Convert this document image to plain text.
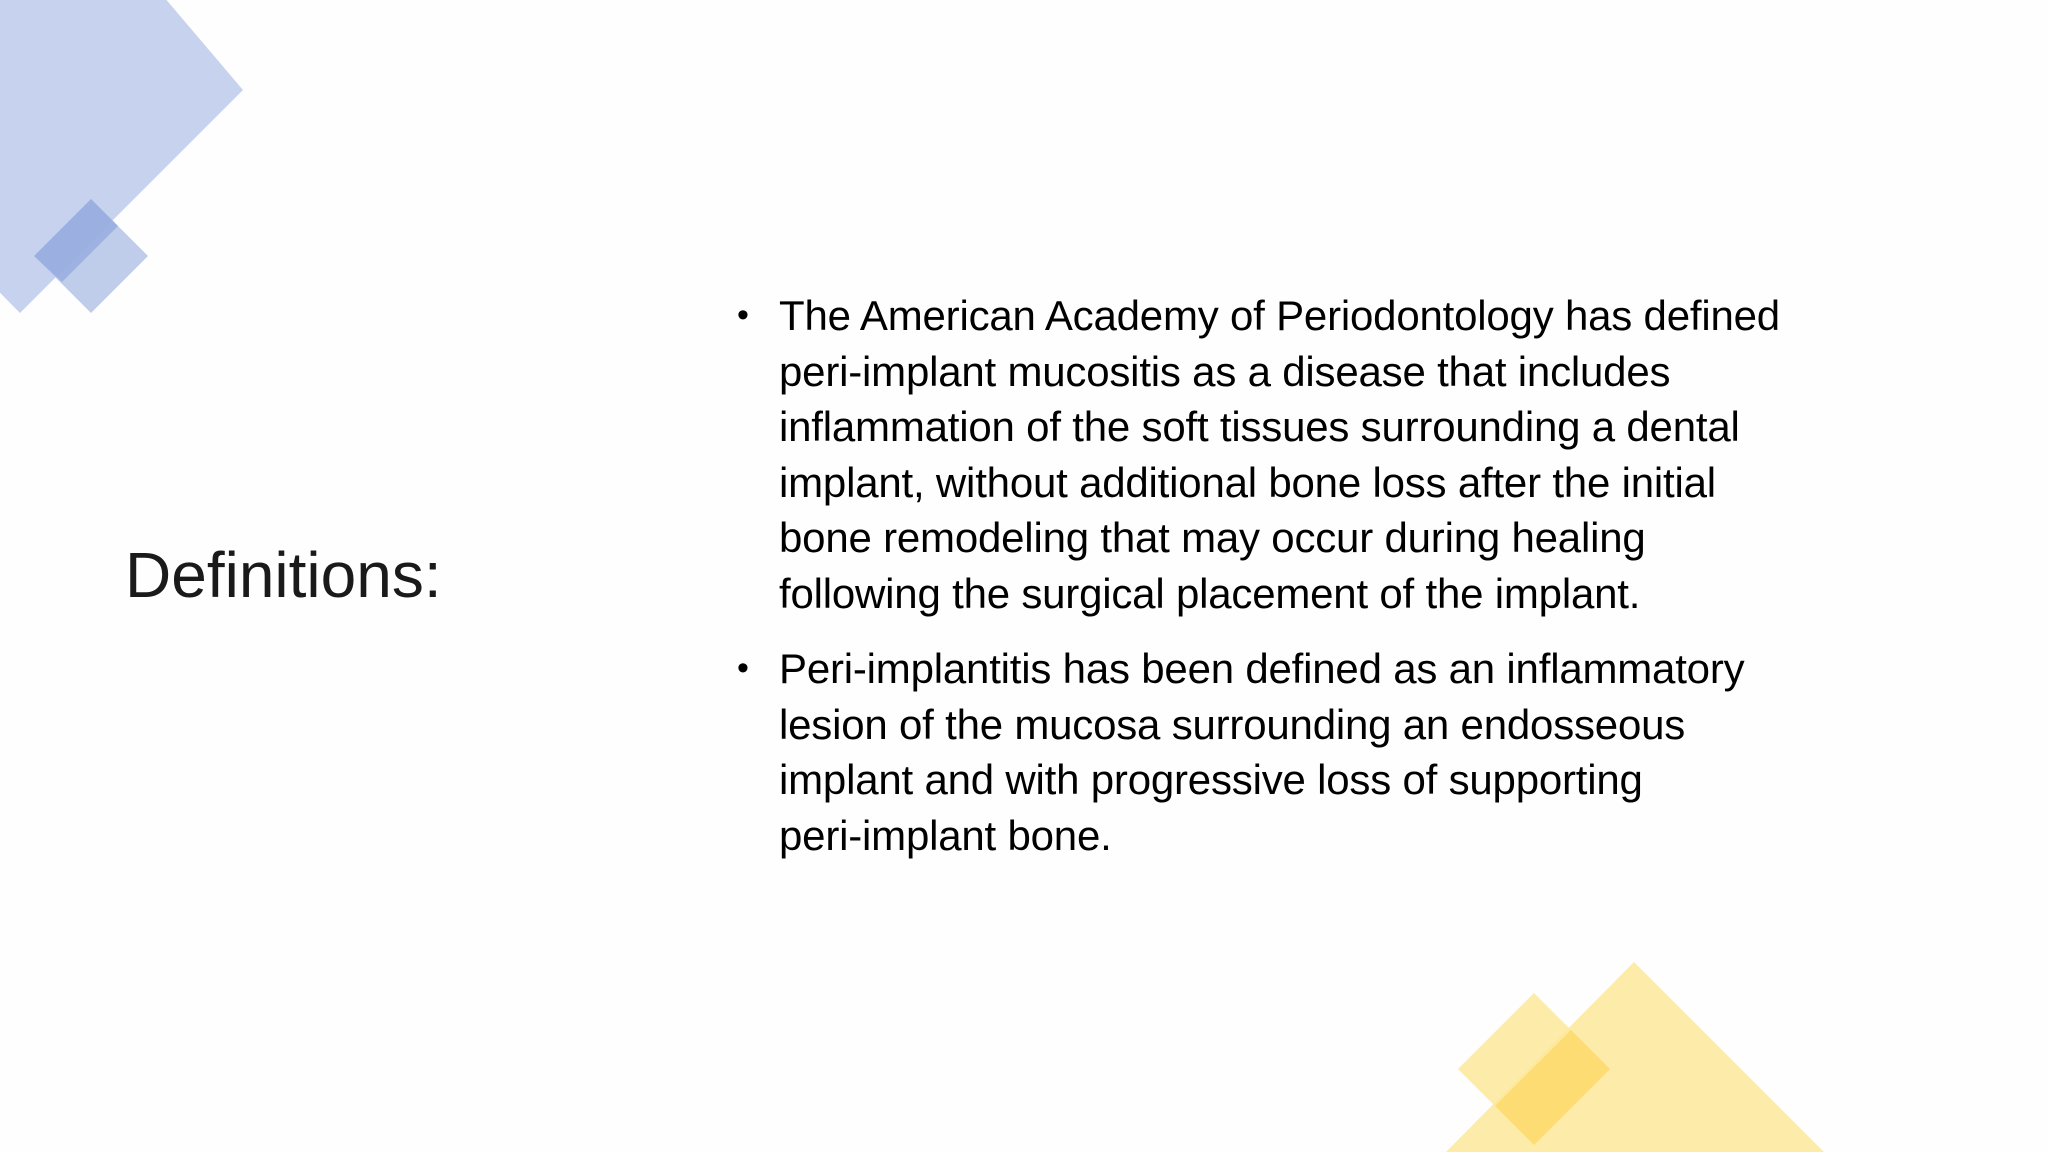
Definitions:
• The American Academy of Periodontology has defined
peri-implant mucositis as a disease that includes
inflammation of the soft tissues surrounding a dental
implant, without additional bone loss after the initial
bone remodeling that may occur during healing
following the surgical placement of the implant.
• Peri-implantitis has been defined as an inflammatory
lesion of the mucosa surrounding an endosseous
implant and with progressive loss of supporting
peri-implant bone.
